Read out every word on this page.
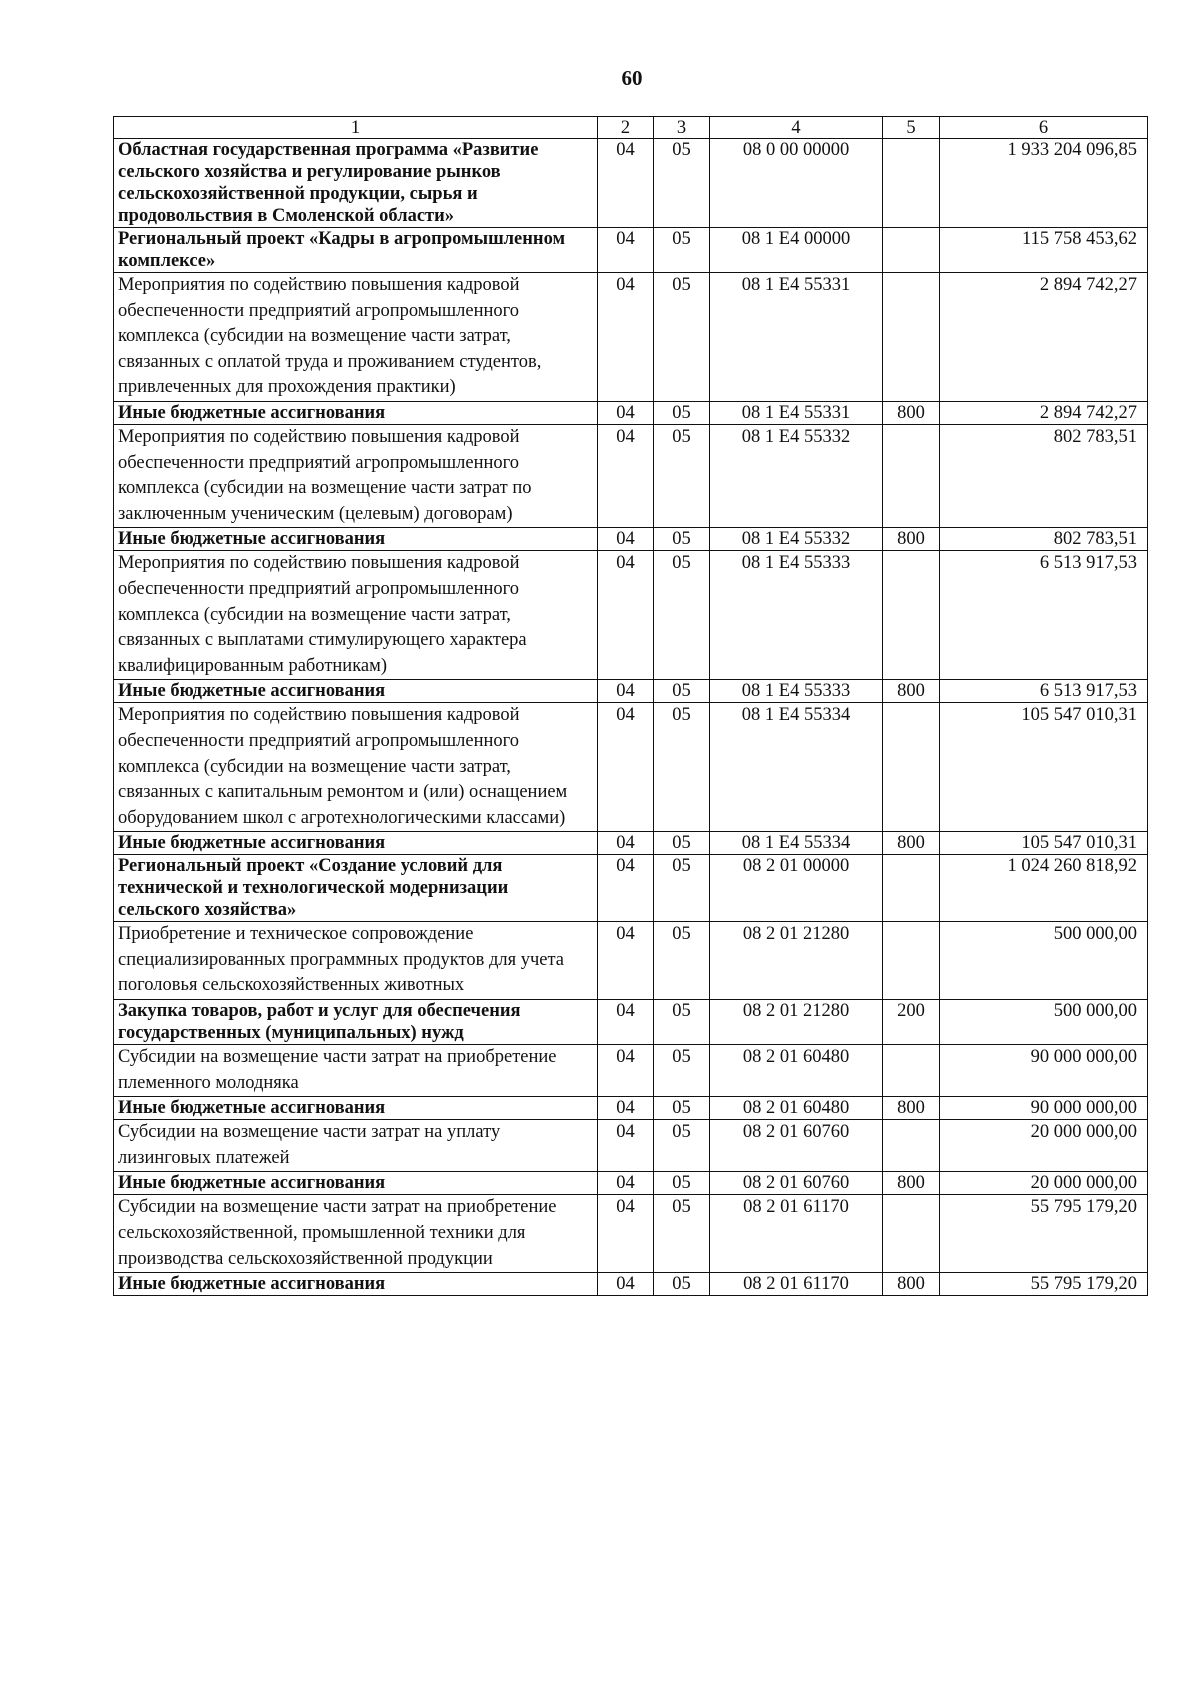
60
1	2	3	4	5	6
Областная государственная программа «Развитие сельского хозяйства и регулирование рынков сельскохозяйственной продукции, сырья и продовольствия в Смоленской области»	04	05	08 0 00 00000		1 933 204 096,85
Региональный проект «Кадры в агропромышленном комплексе»	04	05	08 1 E4 00000		115 758 453,62
Мероприятия по содействию повышения кадровой обеспеченности предприятий агропромышленного комплекса (субсидии на возмещение части затрат, связанных с оплатой труда и проживанием студентов, привлеченных для прохождения практики)	04	05	08 1 E4 55331		2 894 742,27
Иные бюджетные ассигнования	04	05	08 1 E4 55331	800	2 894 742,27
Мероприятия по содействию повышения кадровой обеспеченности предприятий агропромышленного комплекса (субсидии на возмещение части затрат по заключенным ученическим (целевым) договорам)	04	05	08 1 E4 55332		802 783,51
Иные бюджетные ассигнования	04	05	08 1 E4 55332	800	802 783,51
Мероприятия по содействию повышения кадровой обеспеченности предприятий агропромышленного комплекса (субсидии на возмещение части затрат, связанных с выплатами стимулирующего характера квалифицированным работникам)	04	05	08 1 E4 55333		6 513 917,53
Иные бюджетные ассигнования	04	05	08 1 E4 55333	800	6 513 917,53
Мероприятия по содействию повышения кадровой обеспеченности предприятий агропромышленного комплекса (субсидии на возмещение части затрат, связанных с капитальным ремонтом и (или) оснащением оборудованием школ с агротехнологическими классами)	04	05	08 1 E4 55334		105 547 010,31
Иные бюджетные ассигнования	04	05	08 1 E4 55334	800	105 547 010,31
Региональный проект «Создание условий для технической и технологической модернизации сельского хозяйства»	04	05	08 2 01 00000		1 024 260 818,92
Приобретение и техническое сопровождение специализированных программных продуктов для учета поголовья сельскохозяйственных животных	04	05	08 2 01 21280		500 000,00
Закупка товаров, работ и услуг для обеспечения государственных (муниципальных) нужд	04	05	08 2 01 21280	200	500 000,00
Субсидии на возмещение части затрат на приобретение племенного молодняка	04	05	08 2 01 60480		90 000 000,00
Иные бюджетные ассигнования	04	05	08 2 01 60480	800	90 000 000,00
Субсидии на возмещение части затрат на уплату лизинговых платежей	04	05	08 2 01 60760		20 000 000,00
Иные бюджетные ассигнования	04	05	08 2 01 60760	800	20 000 000,00
Субсидии на возмещение части затрат на приобретение сельскохозяйственной, промышленной техники для производства сельскохозяйственной продукции	04	05	08 2 01 61170		55 795 179,20
Иные бюджетные ассигнования	04	05	08 2 01 61170	800	55 795 179,20
